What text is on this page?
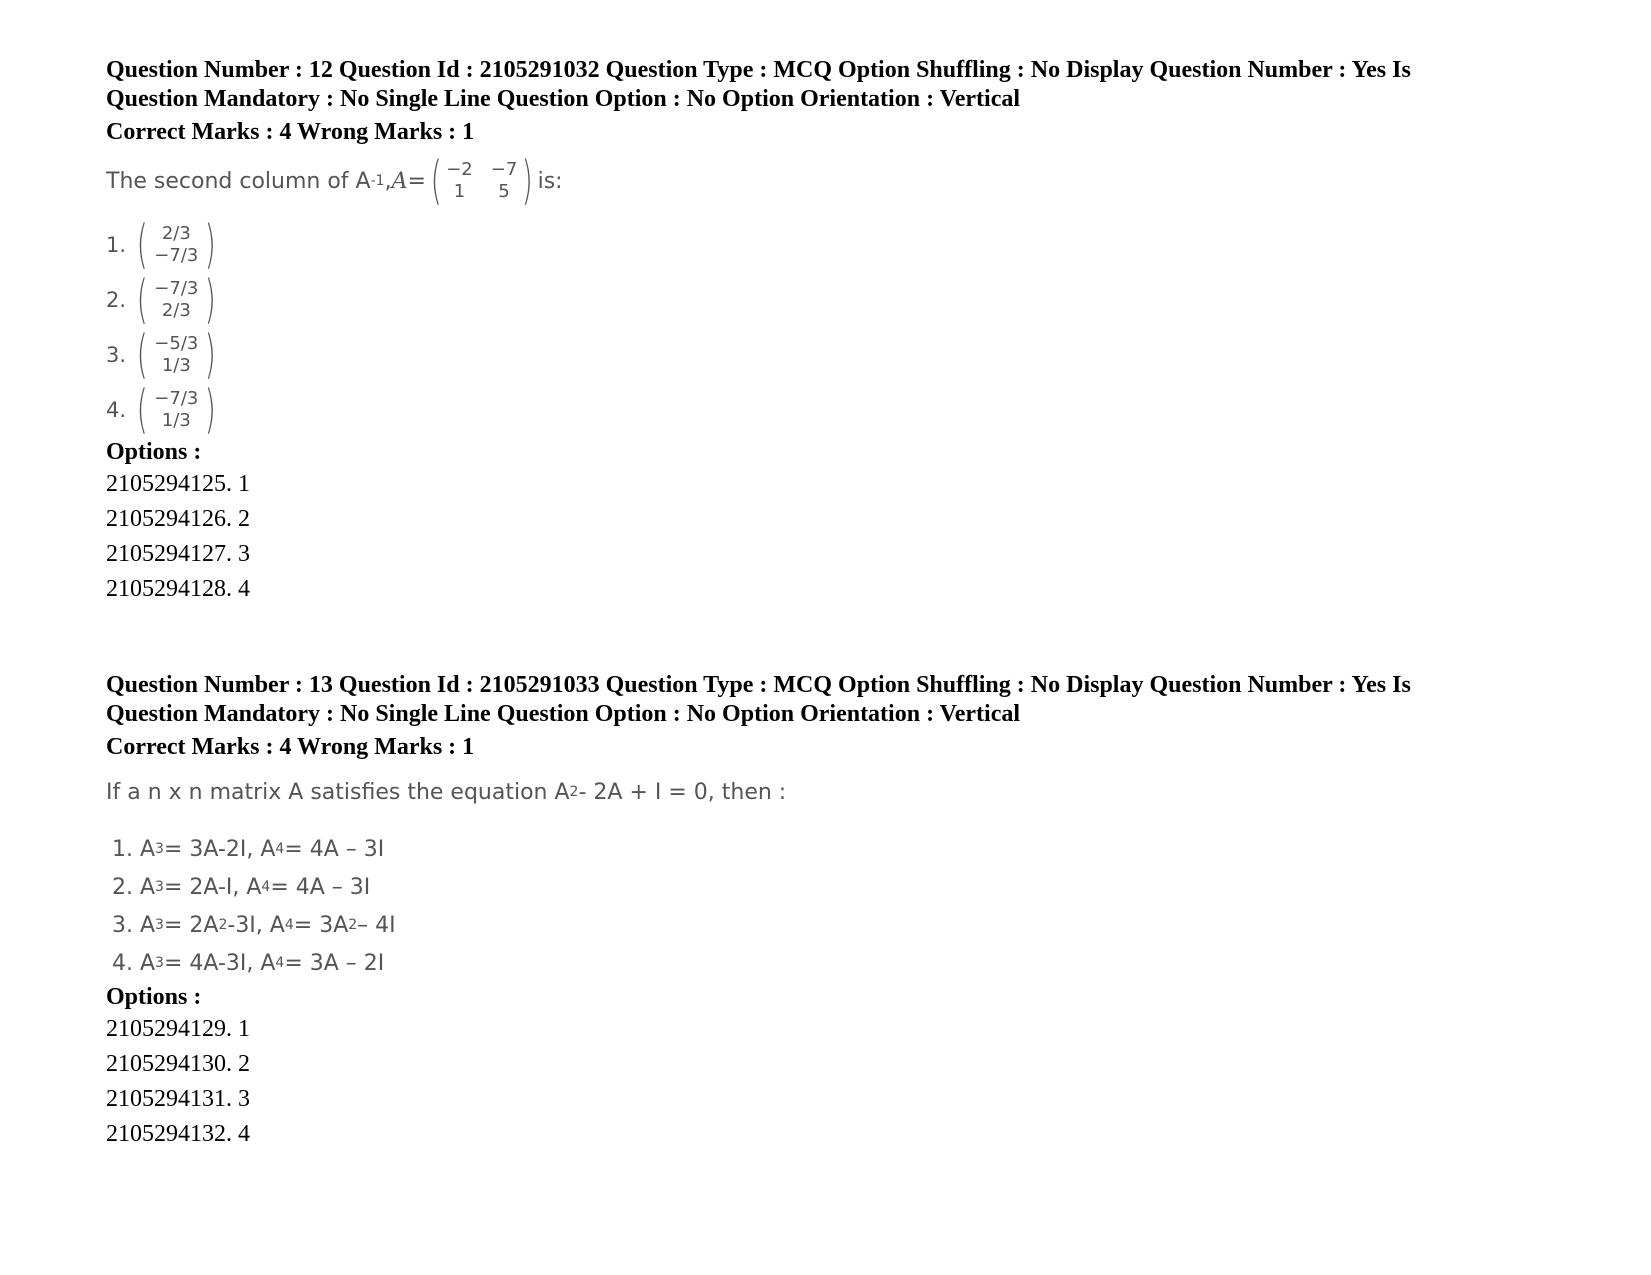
Question Number : 12 Question Id : 2105291032 Question Type : MCQ Option Shuffling : No Display Question Number : Yes Is
Question Mandatory : No Single Line Question Option : No Option Orientation : Vertical
Correct Marks : 4 Wrong Marks : 1
The second column of A -1 , A = ( −2 −7
1	5 ) is:
1. ( 2/3
−7/3 )
2. ( −7/3
2/3 )
3. ( −5/3
1/3 )
4. ( −7/3
1/3 )
Options :
2105294125. 1
2105294126. 2
2105294127. 3
2105294128. 4
Question Number : 13 Question Id : 2105291033 Question Type : MCQ Option Shuffling : No Display Question Number : Yes Is
Question Mandatory : No Single Line Question Option : No Option Orientation : Vertical
Correct Marks : 4 Wrong Marks : 1
If a n x n matrix A satisfies the equation A 2 - 2A + I = 0, then :
1. A 3 = 3A-2I, A 4 = 4A – 3I
2. A 3 = 2A-I, A 4 = 4A – 3I
3. A 3 = 2A 2 -3I, A 4 = 3A 2 – 4I
4. A 3 = 4A-3I, A 4 = 3A – 2I
Options :
2105294129. 1
2105294130. 2
2105294131. 3
2105294132. 4
